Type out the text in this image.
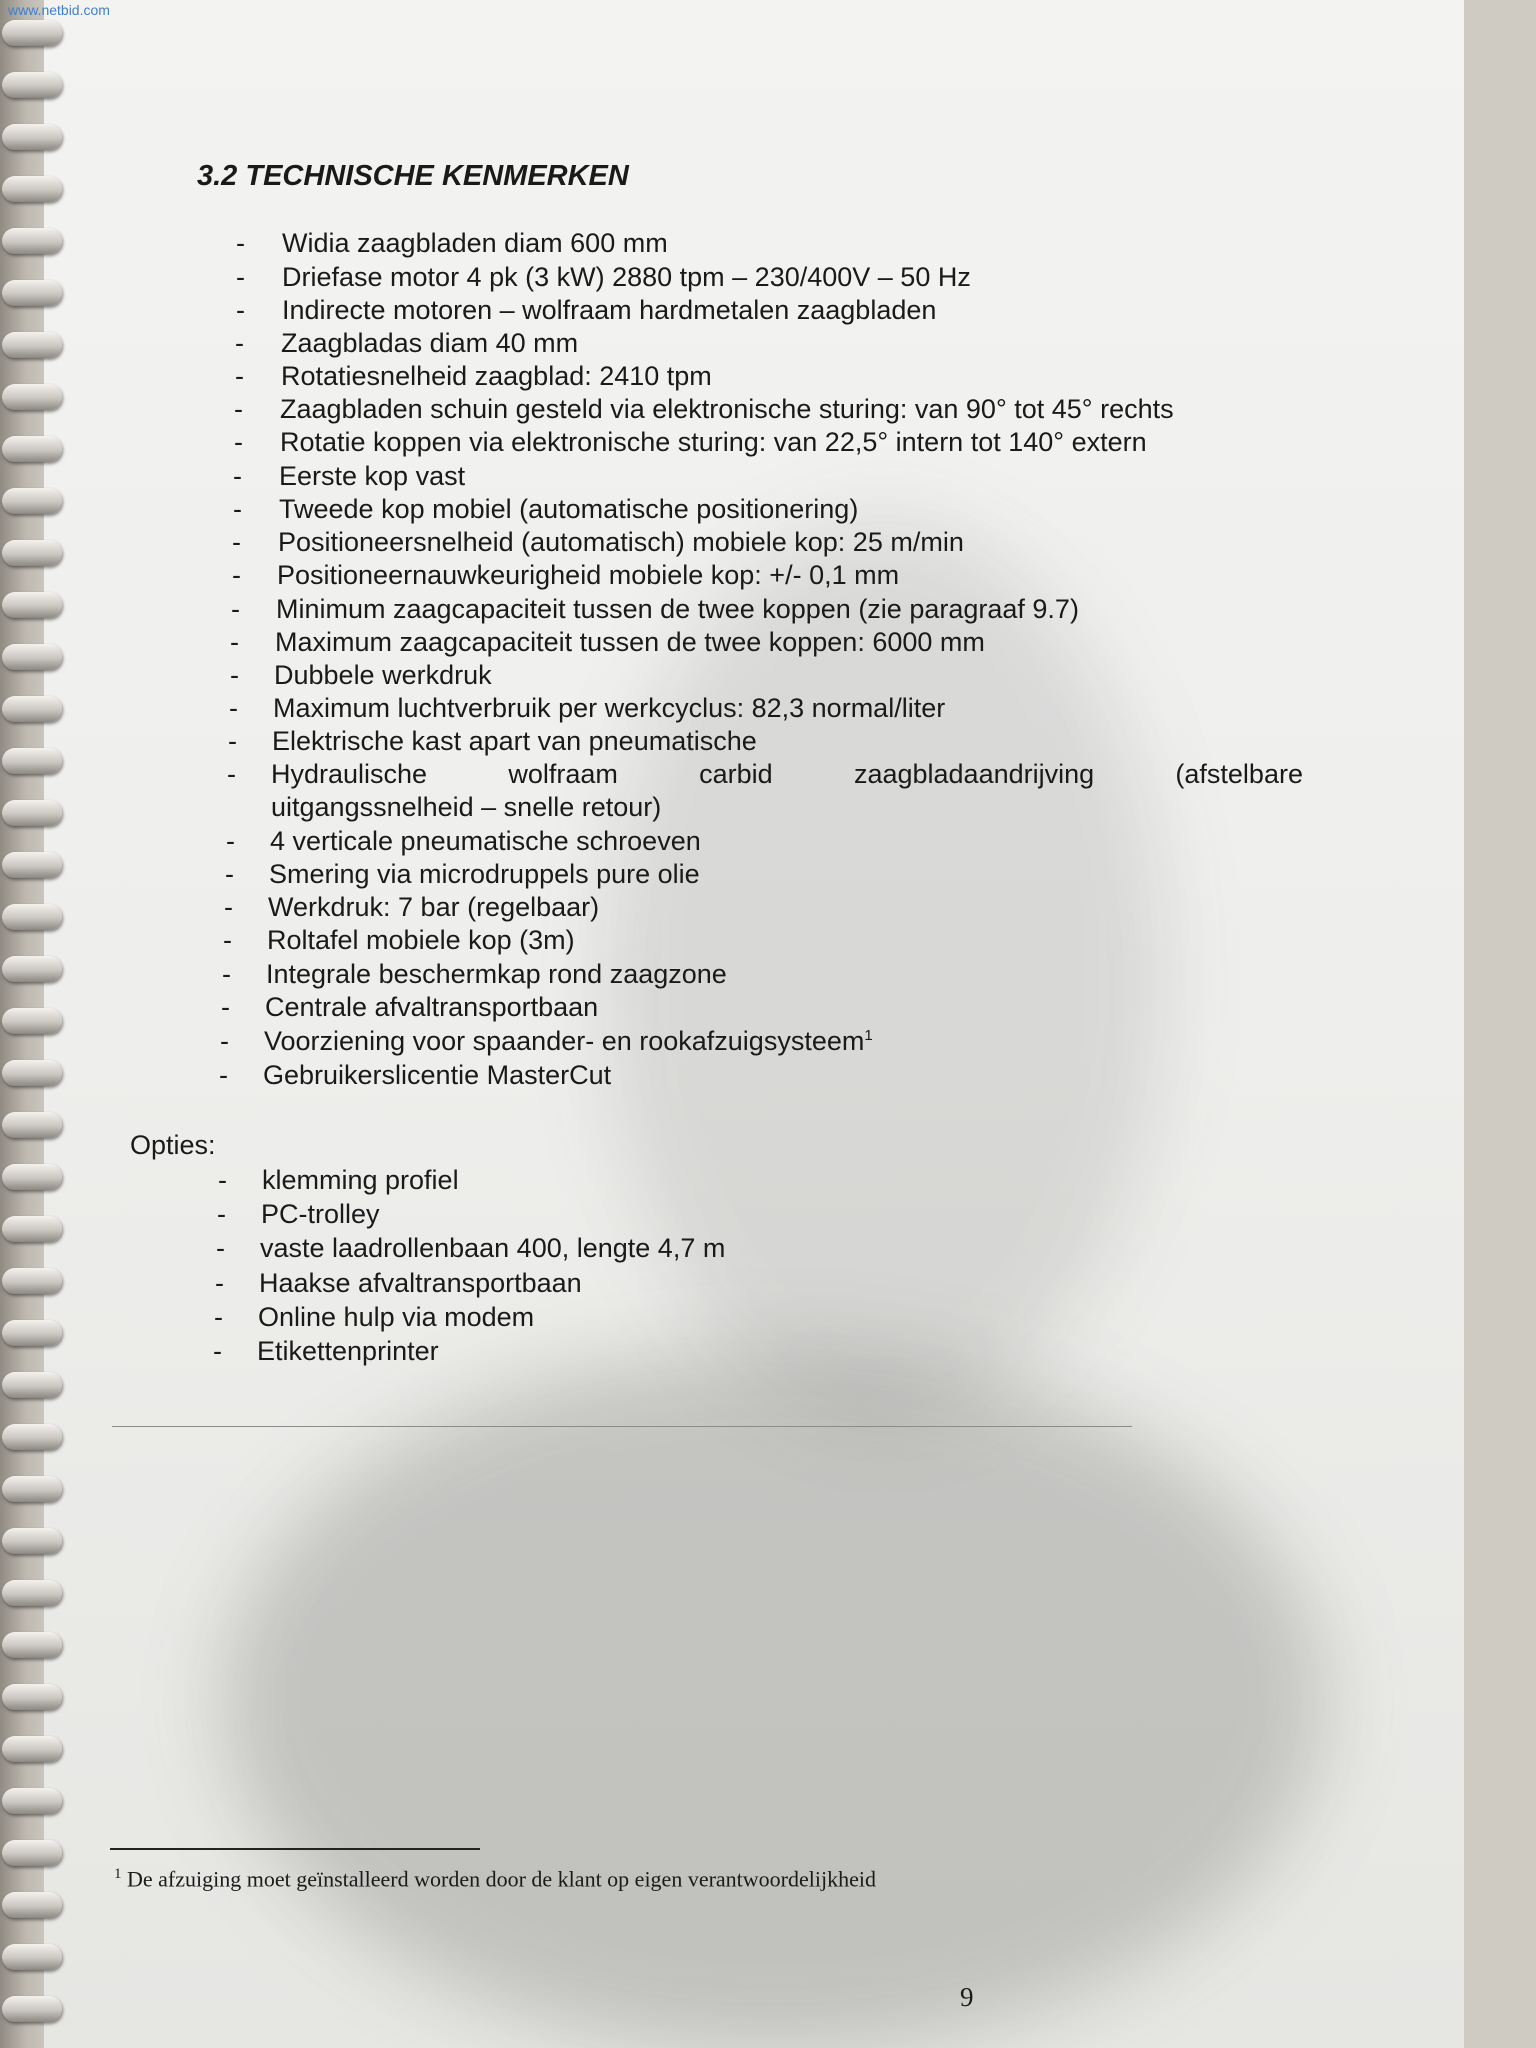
www.netbid.com
3.2 TECHNISCHE KENMERKEN
- Widia zaagbladen diam 600 mm
- Driefase motor 4 pk (3 kW) 2880 tpm – 230/400V – 50 Hz
- Indirecte motoren – wolfraam hardmetalen zaagbladen
- Zaagbladas diam 40 mm
- Rotatiesnelheid zaagblad: 2410 tpm
- Zaagbladen schuin gesteld via elektronische sturing: van 90° tot 45° rechts
- Rotatie koppen via elektronische sturing: van 22,5° intern tot 140° extern
- Eerste kop vast
- Tweede kop mobiel (automatische positionering)
- Positioneersnelheid (automatisch) mobiele kop: 25 m/min
- Positioneernauwkeurigheid mobiele kop: +/- 0,1 mm
- Minimum zaagcapaciteit tussen de twee koppen (zie paragraaf 9.7)
- Maximum zaagcapaciteit tussen de twee koppen: 6000 mm
- Dubbele werkdruk
- Maximum luchtverbruik per werkcyclus: 82,3 normal/liter
- Elektrische kast apart van pneumatische
- Hydraulische	wolfraam	carbid	zaagbladaandrijving	(afstelbare
uitgangssnelheid – snelle retour)
- 4 verticale pneumatische schroeven
- Smering via microdruppels pure olie
- Werkdruk: 7 bar (regelbaar)
- Roltafel mobiele kop (3m)
- Integrale beschermkap rond zaagzone
- Centrale afvaltransportbaan
- Voorziening voor spaander- en rookafzuigsysteem$^1$
- Gebruikerslicentie MasterCut
Opties:
- klemming profiel
- PC-trolley
- vaste laadrollenbaan 400, lengte 4,7 m
- Haakse afvaltransportbaan
- Online hulp via modem
- Etikettenprinter
$^1$ De afzuiging moet geïnstalleerd worden door de klant op eigen verantwoordelijkheid
9
